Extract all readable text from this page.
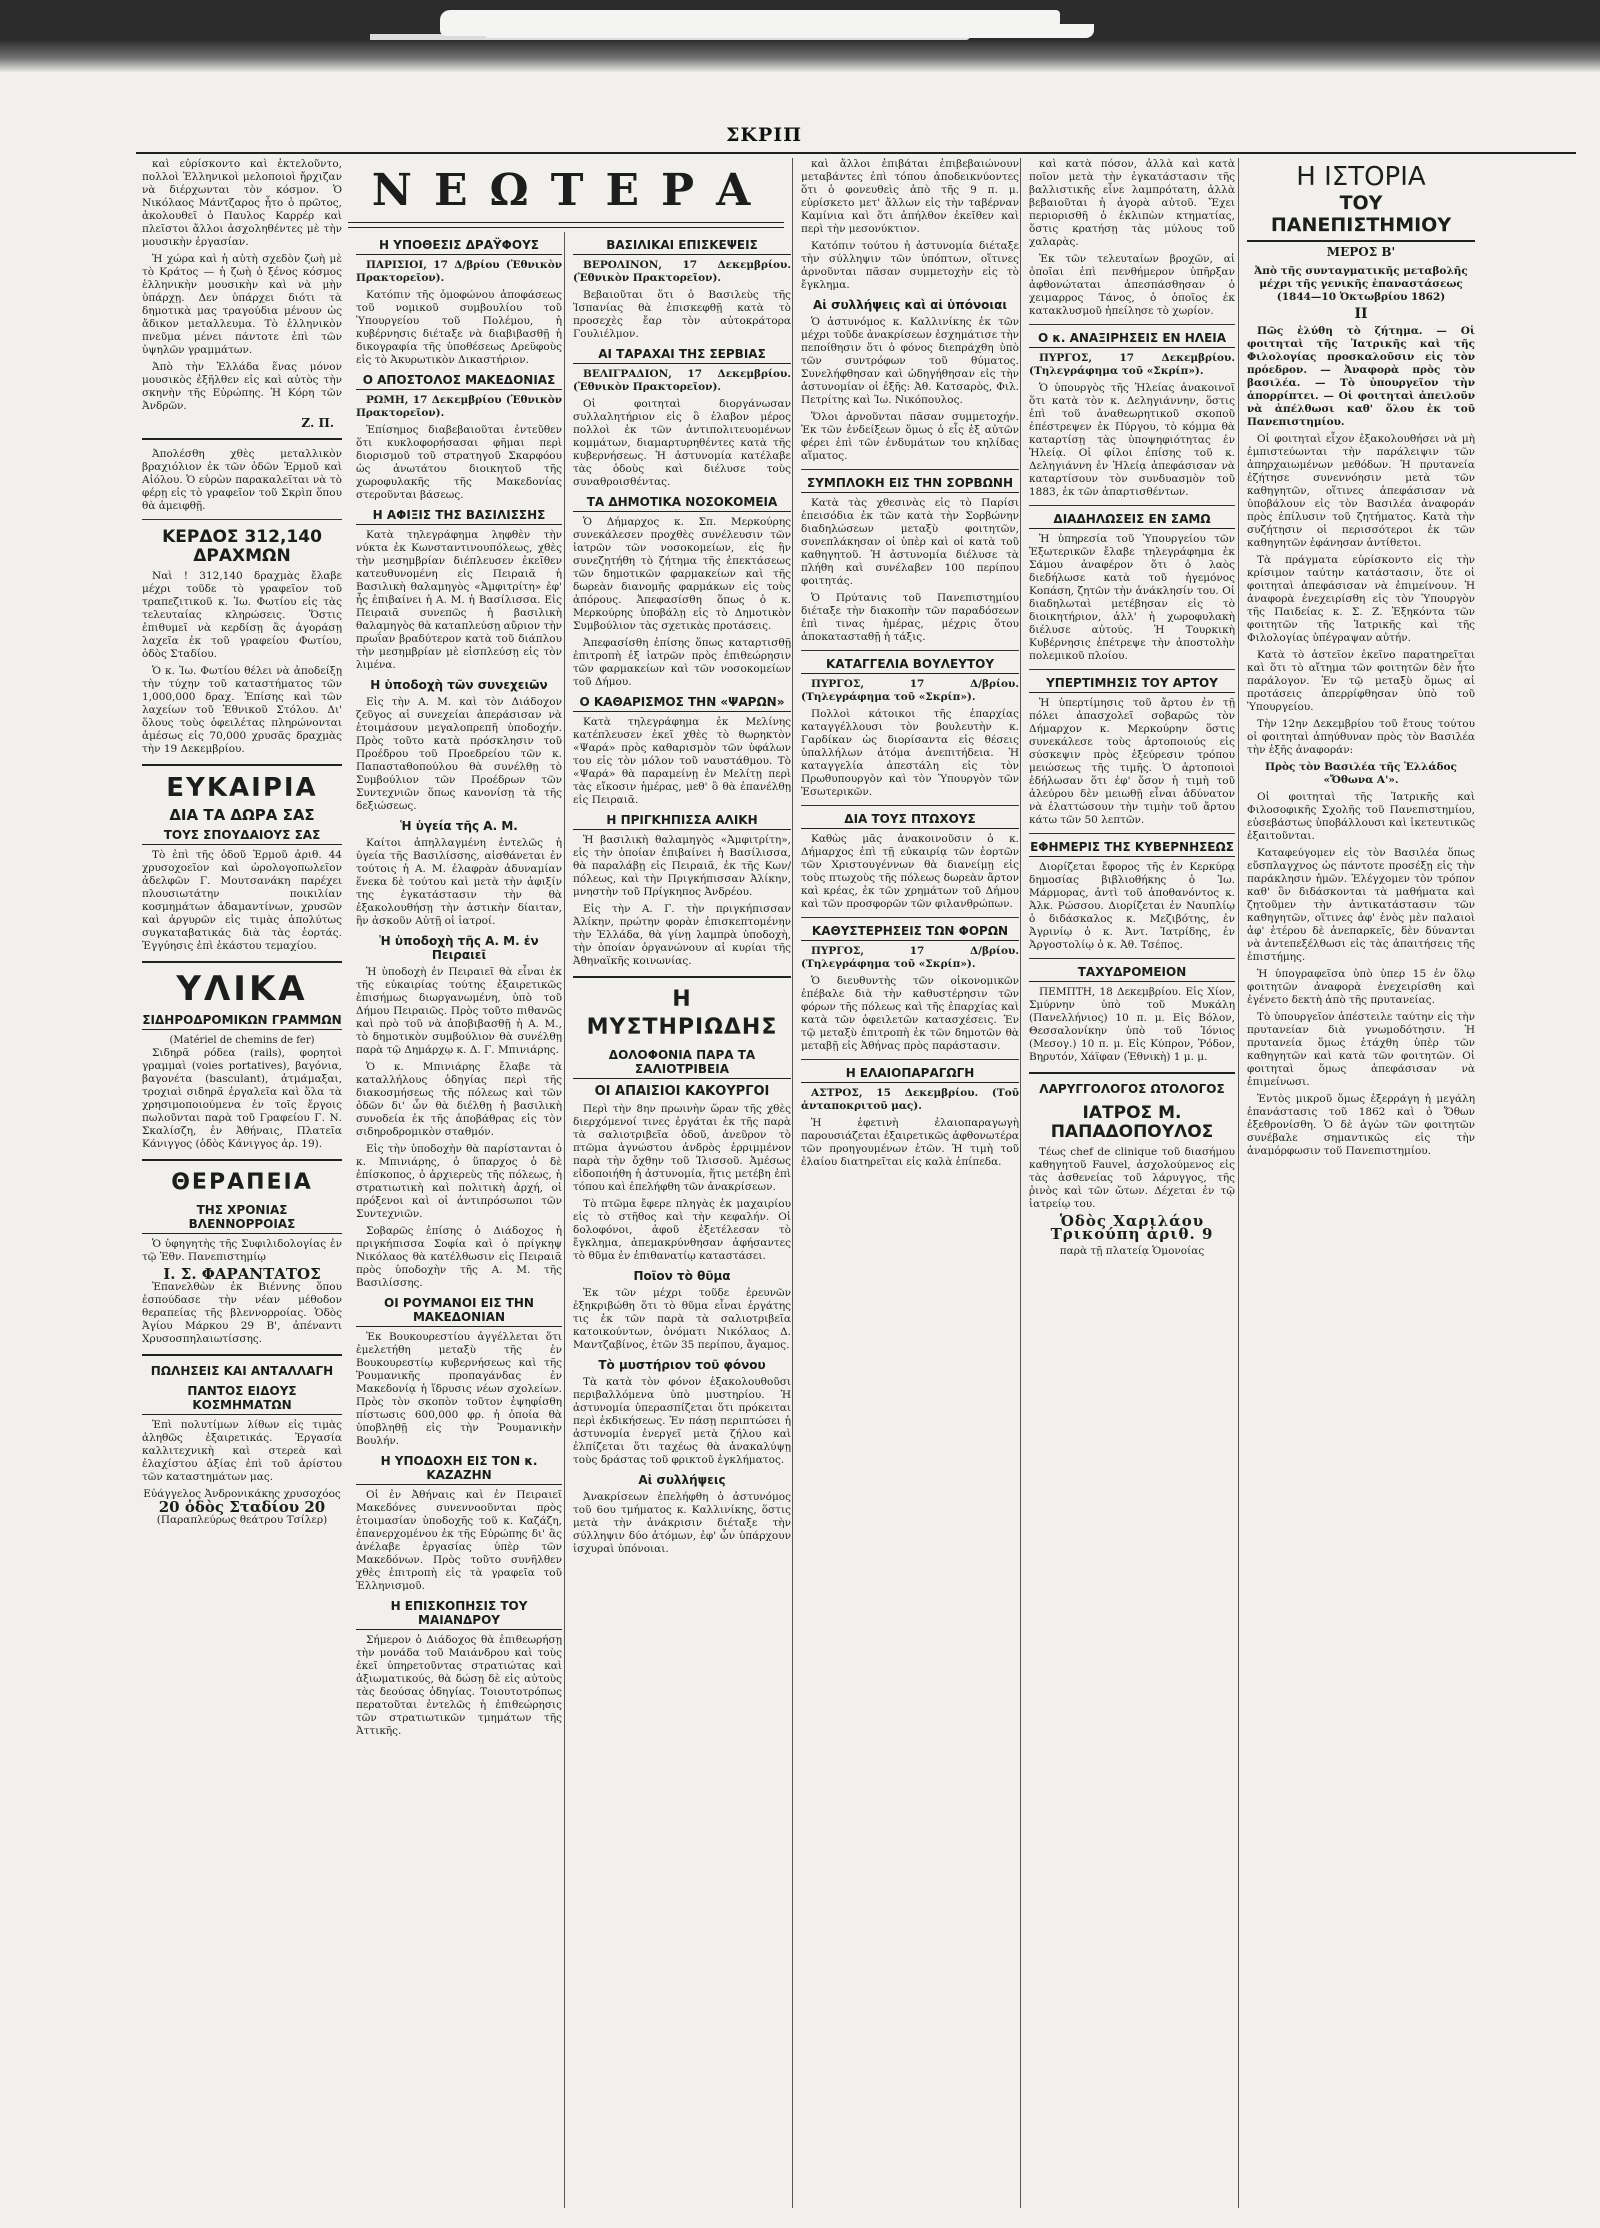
ΣΚΡΙΠ

καὶ εὐρίσκοντο καὶ ἐκτελοῦντο, πολλοὶ Ἑλληνικοὶ μελοποιοὶ ἤρχιζαν νὰ διέρχωνται τὸν κόσμον. Ὁ Νικόλαος Μάντζαρος ἦτο ὁ πρῶτος, ἀκολουθεῖ ὁ Παυλος Καρρέρ καὶ πλεῖστοι ἄλλοι ἀσχοληθέντες μὲ τὴν μουσικὴν ἐργασίαν.

Ἡ χώρα καὶ ἡ αὐτὴ σχεδὸν ζωὴ μὲ τὸ Κράτος — ἡ ζωὴ ὁ ξένος κόσμος ἑλληνικὴν μουσικὴν καὶ νὰ μὴν ὑπάρχῃ. Δεν ὑπάρχει διότι τὰ δημοτικὰ μας τραγούδια μένουν ὡς ἄδικον μεταλλευμα. Τὸ ἑλληνικὸν πνεῦμα μένει πάντοτε ἐπὶ τῶν ὑψηλῶν γραμμάτων.

Ἀπὸ τὴν Ἑλλάδα ἕνας μόνον μουσικὸς ἐξῆλθεν εἰς καὶ αὐτὸς τὴν σκηνὴν τῆς Εὐρώπης. Ἡ Κόρη τῶν Ἀνδρῶν.

Ζ. Π.

Ἀπολέσθη χθὲς μεταλλικὸν βραχιόλιον ἐκ τῶν ὁδῶν Ἑρμοῦ καὶ Αἰόλου. Ὁ εὑρὼν παρακαλεῖται νὰ τὸ φέρῃ εἰς τὸ γραφεῖον τοῦ Σκρὶπ ὅπου θὰ ἀμειφθῇ.

ΚΕΡΔΟΣ 312,140 ΔΡΑΧΜΩΝ

Ναὶ ! 312,140 δραχμὰς ἔλαβε μέχρι τοῦδε τὸ γραφεῖον τοῦ τραπεζιτικοῦ κ. Ἰω. Φωτίου εἰς τὰς τελευταίας κληρώσεις. Ὅστις ἐπιθυμεῖ νὰ κερδίσῃ ἂς ἀγοράσῃ λαχεῖα ἐκ τοῦ γραφείου Φωτίου, ὁδὸς Σταδίου.

Ὁ κ. Ἰω. Φωτίου θέλει νὰ ἀποδείξῃ τὴν τύχην τοῦ καταστήματος τῶν 1,000,000 δραχ. Ἐπίσης καὶ τῶν λαχείων τοῦ Ἐθνικοῦ Στόλου. Δι' ὅλους τοὺς ὀφειλέτας πληρώνονται ἀμέσως εἰς 70,000 χρυσᾶς δραχμὰς τὴν 19 Δεκεμβρίου.

ΕΥΚΑΙΡΙΑ
ΔΙΑ ΤΑ ΔΩΡΑ ΣΑΣ
ΤΟΥΣ ΣΠΟΥΔΑΙΟΥΣ ΣΑΣ

Τὸ ἐπὶ τῆς ὁδοῦ Ἑρμοῦ ἀριθ. 44 χρυσοχοεῖον καὶ ὡρολογοπωλεῖον ἀδελφῶν Γ. Μουτσανάκη παρέχει πλουσιωτάτην ποικιλίαν κοσμημάτων ἀδαμαντίνων, χρυσῶν καὶ ἀργυρῶν εἰς τιμὰς ἀπολύτως συγκαταβατικάς διὰ τὰς ἑορτάς. Ἐγγύησις ἐπὶ ἑκάστου τεμαχίου.

ΥΛΙΚΑ
ΣΙΔΗΡΟΔΡΟΜΙΚΩΝ ΓΡΑΜΜΩΝ
(Matériel de chemins de fer)

Σιδηρᾶ ρόδεα (rails), φορητοὶ γραμμαὶ (voies portatives), βαγόνια, βαγονέτα (basculant), ἀτμάμαξαι, τροχιαὶ σιδηρᾶ ἐργαλεῖα καὶ ὅλα τὰ χρησιμοποιούμενα ἐν τοῖς ἔργοις πωλοῦνται παρὰ τοῦ Γραφείου Γ. Ν. Σκαλίσζη, ἐν Ἀθήναις, Πλατεῖα Κάνιγγος (ὁδὸς Κάνιγγος ἀρ. 19).

ΘΕΡΑΠΕΙΑ
ΤΗΣ ΧΡΟΝΙΑΣ ΒΛΕΝΝΟΡΡΟΙΑΣ

Ὁ ὑφηγητὴς τῆς Συφιλιδολογίας ἐν τῷ Ἐθν. Πανεπιστημίῳ

Ι. Σ. ΦΑΡΑΝΤΑΤΟΣ

Ἐπανελθὼν ἐκ Βιέννης ὅπου ἐσπούδασε τὴν νέαν μέθοδον θεραπείας τῆς βλεννορροίας. Ὁδὸς Ἀγίου Μάρκου 29 Β', ἀπέναντι Χρυσοσπηλαιωτίσσης.

ΠΩΛΗΣΕΙΣ ΚΑΙ ΑΝΤΑΛΛΑΓΗ
ΠΑΝΤΟΣ ΕΙΔΟΥΣ ΚΟΣΜΗΜΑΤΩΝ

Ἐπὶ πολυτίμων λίθων εἰς τιμὰς ἀληθῶς ἐξαιρετικάς. Ἐργασία καλλιτεχνικὴ καὶ στερεὰ καὶ ἐλαχίστου ἀξίας ἐπὶ τοῦ ἀρίστου τῶν καταστημάτων μας.

Εὐάγγελος Ἀνδρονικάκης χρυσοχόος
20 ὁδὸς Σταδίου 20
(Παραπλεύρως θεάτρου Τσίλερ)
ΝΕΩΤΕΡΑ
Η ΥΠΟΘΕΣΙΣ ΔΡΑΫΦΟΥΣ

ΠΑΡΙΣΙΟΙ, 17 Δ/βρίου (Ἐθνικὸν Πρακτορεῖον).

Κατόπιν τῆς ὁμοφώνου ἀποφάσεως τοῦ νομικοῦ συμβουλίου τοῦ Ὑπουργείου τοῦ Πολέμου, ἡ κυβέρνησις διέταξε νὰ διαβιβασθῇ ἡ δικογραφία τῆς ὑποθέσεως Δρεϋφοὺς εἰς τὸ Ἀκυρωτικὸν Δικαστήριον.

Ο ΑΠΟΣΤΟΛΟΣ ΜΑΚΕΔΟΝΙΑΣ

ΡΩΜΗ, 17 Δεκεμβρίου (Ἐθνικὸν Πρακτορεῖον).

Ἐπίσημος διαβεβαιοῦται ἐντεῦθεν ὅτι κυκλοφορήσασαι φῆμαι περὶ διορισμοῦ τοῦ στρατηγοῦ Σκαρφόου ὡς ἀνωτάτου διοικητοῦ τῆς χωροφυλακῆς τῆς Μακεδονίας στεροῦνται βάσεως.

Η ΑΦΙΞΙΣ ΤΗΣ ΒΑΣΙΛΙΣΣΗΣ

Κατὰ τηλεγράφημα ληφθὲν τὴν νύκτα ἐκ Κωνσταντινουπόλεως, χθὲς τὴν μεσημβρίαν διέπλευσεν ἐκεῖθεν κατευθυνομένη εἰς Πειραιᾶ ἡ Βασιλικὴ θαλαμηγὸς «Ἀμφιτρίτη» ἐφ' ἧς ἐπιβαίνει ἡ Α. Μ. ἡ Βασίλισσα. Εἰς Πειραιᾶ συνεπῶς ἡ βασιλικὴ θαλαμηγὸς θὰ καταπλεύσῃ αὔριον τὴν πρωΐαν βραδύτερον κατὰ τοῦ διάπλου τὴν μεσημβρίαν μὲ εἰσπλεύσῃ εἰς τὸν λιμένα.

Η ὑποδοχὴ τῶν συνεχειῶν

Εἰς τὴν Α. Μ. καὶ τὸν Διάδοχον ζεῦγος αἱ συνεχείαι ἀπεράσισαν νὰ ἑτοιμάσουν μεγαλοπρεπῆ ὑποδοχήν. Πρὸς τοῦτο κατὰ πρόσκλησιν τοῦ Προέδρου τοῦ Προεδρείου τῶν κ. Παπασταθοπούλου θὰ συνέλθῃ τὸ Συμβούλιον τῶν Προέδρων τῶν Συντεχνιῶν ὅπως κανονίσῃ τὰ τῆς δεξιώσεως.

Ἡ ὑγεία τῆς Α. Μ.

Καίτοι ἀπηλλαγμένη ἐντελῶς ἡ ὑγεία τῆς Βασιλίσσης, αἰσθάνεται ἐν τούτοις ἡ Α. Μ. ἐλαφρὰν ἀδυναμίαν ἕνεκα δὲ τούτου καὶ μετὰ τὴν ἀφιξίν της ἐγκατάστασιν τὴν θὰ ἐξακολουθήσῃ τὴν ἀστικὴν δίαιταν, ἣν ἀσκοῦν Αὐτῇ οἱ ἰατροί.

Ἡ ὑποδοχὴ τῆς Α. Μ. ἐν Πειραιεῖ

Ἡ ὑποδοχὴ ἐν Πειραιεῖ θὰ εἶναι ἐκ τῆς εὐκαιρίας τούτης ἐξαιρετικῶς ἐπισήμως διωργανωμένη, ὑπὸ τοῦ Δήμου Πειραιῶς. Πρὸς τοῦτο πιθανῶς καὶ πρὸ τοῦ νὰ ἀποβιβασθῇ ἡ Α. Μ., τὸ δημοτικὸν συμβούλιον θὰ συνέλθῃ παρὰ τῷ Δημάρχῳ κ. Δ. Γ. Μπινιάρης.

Ὁ κ. Μπινιάρης ἔλαβε τὰ καταλλήλους ὁδηγίας περὶ τῆς διακοσμήσεως τῆς πόλεως καὶ τῶν ὁδῶν δι' ὧν θὰ διέλθῃ ἡ βασιλικὴ συνοδεία ἐκ τῆς ἀποβάθρας εἰς τὸν σιδηροδρομικὸν σταθμόν.

Εἰς τὴν ὑποδοχὴν θὰ παρίστανται ὁ κ. Μπινιάρης, ὁ ὕπαρχος ὁ δὲ ἐπίσκοπος, ὁ ἀρχιερεὺς τῆς πόλεως, ἡ στρατιωτικὴ καὶ πολιτικὴ ἀρχή, οἱ πρόξενοι καὶ οἱ ἀντιπρόσωποι τῶν Συντεχνιῶν.

Σοβαρῶς ἐπίσης ὁ Διάδοχος ἡ πριγκήπισσα Σοφία καὶ ὁ πρίγκηψ Νικόλαος θὰ κατέλθωσιν εἰς Πειραιᾶ πρὸς ὑποδοχὴν τῆς Α. Μ. τῆς Βασιλίσσης.

ΟΙ ΡΟΥΜΑΝΟΙ ΕΙΣ ΤΗΝ ΜΑΚΕΔΟΝΙΑΝ

Ἐκ Βουκουρεστίου ἀγγέλλεται ὅτι ἐμελετήθη μεταξὺ τῆς ἐν Βουκουρεστίῳ κυβερνήσεως καὶ τῆς Ῥουμανικῆς προπαγάνδας ἐν Μακεδονίᾳ ἡ ἵδρυσις νέων σχολείων. Πρὸς τὸν σκοπὸν τοῦτον ἐψηφίσθη πίστωσις 600,000 φρ. ἡ ὁποία θὰ ὑποβληθῇ εἰς τὴν Ῥουμανικὴν Βουλήν.

Η ΥΠΟΔΟΧΗ ΕΙΣ ΤΟΝ κ. ΚΑΖΑΖΗΝ

Οἱ ἐν Ἀθήναις καὶ ἐν Πειραιεῖ Μακεδόνες συνεννοοῦνται πρὸς ἑτοιμασίαν ὑποδοχῆς τοῦ κ. Καζάζη, ἐπανερχομένου ἐκ τῆς Εὐρώπης δι' ἃς ἀνέλαβε ἐργασίας ὑπὲρ τῶν Μακεδόνων. Πρὸς τοῦτο συνῆλθεν χθὲς ἐπιτροπὴ εἰς τὰ γραφεῖα τοῦ Ἑλληνισμοῦ.

Η ΕΠΙΣΚΟΠΗΣΙΣ ΤΟΥ ΜΑΙΑΝΔΡΟΥ

Σήμερον ὁ Διάδοχος θὰ ἐπιθεωρήσῃ τὴν μονάδα τοῦ Μαιάνδρου καὶ τοὺς ἐκεῖ ὑπηρετοῦντας στρατιώτας καὶ ἀξιωματικούς, θὰ δώσῃ δὲ εἰς αὐτοὺς τὰς δεούσας ὁδηγίας. Τοιουτοτρόπως περατοῦται ἐντελῶς ἡ ἐπιθεώρησις τῶν στρατιωτικῶν τμημάτων τῆς Ἀττικῆς.

ΒΑΣΙΛΙΚΑΙ ΕΠΙΣΚΕΨΕΙΣ

ΒΕΡΟΛΙΝΟΝ, 17 Δεκεμβρίου. (Ἐθνικὸν Πρακτορεῖον).

Βεβαιοῦται ὅτι ὁ Βασιλεὺς τῆς Ἰσπανίας θὰ ἐπισκεφθῇ κατὰ τὸ προσεχὲς ἔαρ τὸν αὐτοκράτορα Γουλιέλμον.

ΑΙ ΤΑΡΑΧΑΙ ΤΗΣ ΣΕΡΒΙΑΣ

ΒΕΛΙΓΡΑΔΙΟΝ, 17 Δεκεμβρίου. (Ἐθνικὸν Πρακτορεῖον).

Οἱ φοιτηταὶ διοργάνωσαν συλλαλητήριον εἰς ὃ ἐλαβον μέρος πολλοὶ ἐκ τῶν ἀντιπολιτευομένων κομμάτων, διαμαρτυρηθέντες κατὰ τῆς κυβερνήσεως. Ἡ ἀστυνομία κατέλαβε τὰς ὁδοὺς καὶ διέλυσε τοὺς συναθροισθέντας.

ΤΑ ΔΗΜΟΤΙΚΑ ΝΟΣΟΚΟΜΕΙΑ

Ὁ Δήμαρχος κ. Σπ. Μερκούρης συνεκάλεσεν προχθὲς συνέλευσιν τῶν ἰατρῶν τῶν νοσοκομείων, εἰς ἣν συνεζητήθη τὸ ζήτημα τῆς ἐπεκτάσεως τῶν δημοτικῶν φαρμακείων καὶ τῆς δωρεὰν διανομῆς φαρμάκων εἰς τοὺς ἀπόρους. Ἀπεφασίσθη ὅπως ὁ κ. Μερκούρης ὑποβάλῃ εἰς τὸ Δημοτικὸν Συμβούλιον τὰς σχετικὰς προτάσεις.

Ἀπεφασίσθη ἐπίσης ὅπως καταρτισθῇ ἐπιτροπὴ ἐξ ἰατρῶν πρὸς ἐπιθεώρησιν τῶν φαρμακείων καὶ τῶν νοσοκομείων τοῦ Δήμου.

Ο ΚΑΘΑΡΙΣΜΟΣ ΤΗΝ «ΨΑΡΩΝ»

Κατὰ τηλεγράφημα ἐκ Μελίνης κατέπλευσεν ἐκεῖ χθὲς τὸ θωρηκτὸν «Ψαρά» πρὸς καθαρισμὸν τῶν ὑφάλων του εἰς τὸν μόλον τοῦ ναυστάθμου. Τὸ «Ψαρά» θὰ παραμείνῃ ἐν Μελίτῃ περὶ τὰς εἴκοσιν ἡμέρας, μεθ' ὃ θὰ ἐπανέλθῃ εἰς Πειραιᾶ.

Η ΠΡΙΓΚΗΠΙΣΣΑ ΑΛΙΚΗ

Ἡ βασιλικὴ θαλαμηγὸς «Ἀμφιτρίτη», εἰς τὴν ὁποίαν ἐπιβαίνει ἡ Βασίλισσα, θὰ παραλάβῃ εἰς Πειραιᾶ, ἐκ τῆς Κων/πόλεως, καὶ τὴν Πριγκήπισσαν Ἀλίκην, μνηστὴν τοῦ Πρίγκηπος Ἀνδρέου.

Εἰς τὴν Α. Γ. τὴν πριγκήπισσαν Ἀλίκην, πρώτην φορὰν ἐπισκεπτομένην τὴν Ἑλλάδα, θὰ γίνῃ λαμπρὰ ὑποδοχὴ, τὴν ὁποίαν ὀργανώνουν αἱ κυρίαι τῆς Ἀθηναϊκῆς κοινωνίας.

Η ΜΥΣΤΗΡΙΩΔΗΣ
ΔΟΛΟΦΟΝΙΑ ΠΑΡΑ ΤΑ ΣΑΛΙΟΤΡΙΒΕΙΑ
ΟΙ ΑΠΑΙΣΙΟΙ ΚΑΚΟΥΡΓΟΙ

Περὶ τὴν 8ην πρωινὴν ὥραν τῆς χθὲς διερχόμενοί τινες ἐργάται ἐκ τῆς παρὰ τὰ σαλιοτριβεῖα ὁδοῦ, ἀνεῦρον τὸ πτῶμα ἀγνώστου ἀνδρὸς ἐρριμμένον παρὰ τὴν ὄχθην τοῦ Ἰλισσοῦ. Ἀμέσως εἰδοποιήθη ἡ ἀστυνομία, ἥτις μετέβη ἐπὶ τόπου καὶ ἐπελήφθη τῶν ἀνακρίσεων.

Τὸ πτῶμα ἔφερε πληγὰς ἐκ μαχαιρίου εἰς τὸ στῆθος καὶ τὴν κεφαλήν. Οἱ δολοφόνοι, ἀφοῦ ἐξετέλεσαν τὸ ἔγκλημα, ἀπεμακρύνθησαν ἀφήσαντες τὸ θῦμα ἐν ἐπιθανατίῳ καταστάσει.

Ποῖον τὸ θῦμα

Ἐκ τῶν μέχρι τοῦδε ἐρευνῶν ἐξηκριβώθη ὅτι τὸ θῦμα εἶναι ἐργάτης τις ἐκ τῶν παρὰ τὰ σαλιοτριβεῖα κατοικούντων, ὀνόματι Νικόλαος Δ. Μαντζαβίνος, ἐτῶν 35 περίπου, ἄγαμος.

Τὸ μυστήριον τοῦ φόνου

Τὰ κατὰ τὸν φόνον ἐξακολουθοῦσι περιβαλλόμενα ὑπὸ μυστηρίου. Ἡ ἀστυνομία ὑπερασπίζεται ὅτι πρόκειται περὶ ἐκδικήσεως. Ἐν πάσῃ περιπτώσει ἡ ἀστυνομία ἐνεργεῖ μετὰ ζήλου καὶ ἐλπίζεται ὅτι ταχέως θὰ ἀνακαλύψῃ τοὺς δράστας τοῦ φρικτοῦ ἐγκλήματος.

Αἱ συλλήψεις

Ἀνακρίσεων ἐπελήφθη ὁ ἀστυνόμος τοῦ 6ου τμήματος κ. Καλλινίκης, ὅστις μετὰ τὴν ἀνάκρισιν διέταξε τὴν σύλληψιν δύο ἀτόμων, ἐφ' ὧν ὑπάρχουν ἰσχυραὶ ὑπόνοιαι.

καὶ ἄλλοι ἐπιβάται ἐπιβεβαιώνουν μεταβάντες ἐπὶ τόπου ἀποδεικνύοντες ὅτι ὁ φονευθεὶς ἀπὸ τῆς 9 π. μ. εὑρίσκετο μετ' ἄλλων εἰς τὴν ταβέρναν Καμίνια καὶ ὅτι ἀπήλθον ἐκεῖθεν καὶ περὶ τὴν μεσονύκτιον.

Κατόπιν τούτου ἡ ἀστυνομία διέταξε τὴν σύλληψιν τῶν ὑπόπτων, οἵτινες ἀρνοῦνται πᾶσαν συμμετοχὴν εἰς τὸ ἔγκλημα.

Αἱ συλλήψεις καὶ αἱ ὑπόνοιαι

Ὁ ἀστυνόμος κ. Καλλινίκης ἐκ τῶν μέχρι τοῦδε ἀνακρίσεων ἐσχημάτισε τὴν πεποίθησιν ὅτι ὁ φόνος διεπράχθη ὑπὸ τῶν συντρόφων τοῦ θύματος. Συνελήφθησαν καὶ ὡδηγήθησαν εἰς τὴν ἀστυνομίαν οἱ ἐξῆς: Ἀθ. Κατσαρὸς, Φιλ. Πετρίτης καὶ Ἰω. Νικόπουλος.

Ὅλοι ἀρνοῦνται πᾶσαν συμμετοχήν. Ἐκ τῶν ἐνδείξεων ὅμως ὁ εἷς ἐξ αὐτῶν φέρει ἐπὶ τῶν ἐνδυμάτων του κηλίδας αἵματος.

ΣΥΜΠΛΟΚΗ ΕΙΣ ΤΗΝ ΣΟΡΒΩΝΗ

Κατὰ τὰς χθεσινὰς εἰς τὸ Παρίσι ἐπεισόδια ἐκ τῶν κατὰ τὴν Σορβώνην διαδηλώσεων μεταξὺ φοιτητῶν, συνεπλάκησαν οἱ ὑπὲρ καὶ οἱ κατὰ τοῦ καθηγητοῦ. Ἡ ἀστυνομία διέλυσε τὰ πλήθη καὶ συνέλαβεν 100 περίπου φοιτητάς.

Ὁ Πρύτανις τοῦ Πανεπιστημίου διέταξε τὴν διακοπὴν τῶν παραδόσεων ἐπὶ τινας ἡμέρας, μέχρις ὅτου ἀποκατασταθῇ ἡ τάξις.

ΚΑΤΑΓΓΕΛΙΑ ΒΟΥΛΕΥΤΟΥ

ΠΥΡΓΟΣ, 17 Δ/βρίου. (Τηλεγράφημα τοῦ «Σκρίπ»).

Πολλοὶ κάτοικοι τῆς ἐπαρχίας καταγγέλλουσι τὸν βουλευτὴν κ. Γαρδίκαν ὡς διορίσαντα εἰς θέσεις ὑπαλλήλων ἀτόμα ἀνεπιτήδεια. Ἡ καταγγελία ἀπεστάλη εἰς τὸν Πρωθυπουργὸν καὶ τὸν Ὑπουργὸν τῶν Ἐσωτερικῶν.

ΔΙΑ ΤΟΥΣ ΠΤΩΧΟΥΣ

Καθὼς μᾶς ἀνακοινοῦσιν ὁ κ. Δήμαρχος ἐπὶ τῇ εὐκαιρίᾳ τῶν ἑορτῶν τῶν Χριστουγέννων θὰ διανείμῃ εἰς τοὺς πτωχοὺς τῆς πόλεως δωρεὰν ἄρτον καὶ κρέας, ἐκ τῶν χρημάτων τοῦ Δήμου καὶ τῶν προσφορῶν τῶν φιλανθρώπων.

ΚΑΘΥΣΤΕΡΗΣΕΙΣ ΤΩΝ ΦΟΡΩΝ

ΠΥΡΓΟΣ, 17 Δ/βρίου. (Τηλεγράφημα τοῦ «Σκρίπ»).

Ὁ διευθυντὴς τῶν οἰκονομικῶν ἐπέβαλε διὰ τὴν καθυστέρησιν τῶν φόρων τῆς πόλεως καὶ τῆς ἐπαρχίας καὶ κατὰ τῶν ὀφειλετῶν κατασχέσεις. Ἐν τῷ μεταξὺ ἐπιτροπὴ ἐκ τῶν δημοτῶν θὰ μεταβῇ εἰς Ἀθήνας πρὸς παράστασιν.

Η ΕΛΑΙΟΠΑΡΑΓΩΓΗ

ΑΣΤΡΟΣ, 15 Δεκεμβρίου. (Τοῦ ἀνταποκριτοῦ μας).

Ἡ ἐφετινὴ ἐλαιοπαραγωγὴ παρουσιάζεται ἐξαιρετικῶς ἀφθονωτέρα τῶν προηγουμένων ἐτῶν. Ἡ τιμὴ τοῦ ἐλαίου διατηρεῖται εἰς καλὰ ἐπίπεδα.

καὶ κατὰ πόσον, ἀλλὰ καὶ κατὰ ποῖον μετὰ τὴν ἐγκατάστασιν τῆς βαλλιστικῆς εἶνε λαμπρότατη, ἀλλὰ βεβαιοῦται ἡ ἀγορὰ αὐτοῦ. Ἔχει περιορισθῆ ὁ ἐκλιπὼν κτηματίας, ὅστις κρατήσῃ τὰς μύλους τοῦ χαλαρὰς.

Ἐκ τῶν τελευταίων βροχῶν, αἱ ὁποῖαι ἐπὶ πενθήμερον ὑπῆρξαν ἀφθονώταται ἀπεσπάσθησαν ὁ χειμαρρος Τάνος, ὁ ὁποῖος ἐκ κατακλυσμοῦ ἠπείλησε τὸ χωρίον.

Ο κ. ΑΝΑΞΙΡΗΣΕΙΣ ΕΝ ΗΛΕΙΑ

ΠΥΡΓΟΣ, 17 Δεκεμβρίου. (Τηλεγράφημα τοῦ «Σκρίπ»).

Ὁ ὑπουργὸς τῆς Ἠλείας ἀνακοινοῖ ὅτι κατὰ τὸν κ. Δεληγιάννην, ὅστις ἐπὶ τοῦ ἀναθεωρητικοῦ σκοποῦ ἐπέστρεψεν ἐκ Πύργου, τὸ κόμμα θὰ καταρτίσῃ τὰς ὑποψηφιότητας ἐν Ἠλείᾳ. Οἱ φίλοι ἐπίσης τοῦ κ. Δεληγιάννη ἐν Ἠλείᾳ ἀπεφάσισαν νὰ καταρτίσουν τὸν συνδυασμὸν τοῦ 1883, ἐκ τῶν ἀπαρτισθέντων.

ΔΙΑΔΗΛΩΣΕΙΣ ΕΝ ΣΑΜΩ

Ἡ ὑπηρεσία τοῦ Ὑπουργείου τῶν Ἐξωτερικῶν ἔλαβε τηλεγράφημα ἐκ Σάμου ἀναφέρον ὅτι ὁ λαὸς διεδήλωσε κατὰ τοῦ ἡγεμόνος Κοπάση, ζητῶν τὴν ἀνάκλησίν του. Οἱ διαδηλωταὶ μετέβησαν εἰς τὸ διοικητήριον, ἀλλ' ἡ χωροφυλακὴ διέλυσε αὐτούς. Ἡ Τουρκικὴ Κυβέρνησις ἐπέτρεψε τὴν ἀποστολὴν πολεμικοῦ πλοίου.

ΥΠΕΡΤΙΜΗΣΙΣ ΤΟΥ ΑΡΤΟΥ

Ἡ ὑπερτίμησις τοῦ ἄρτου ἐν τῇ πόλει ἀπασχολεῖ σοβαρῶς τὸν Δήμαρχον κ. Μερκούρην ὅστις συνεκάλεσε τοὺς ἀρτοποιούς εἰς σύσκεψιν πρὸς ἐξεύρεσιν τρόπου μειώσεως τῆς τιμῆς. Ὁ ἀρτοποιοὶ ἐδήλωσαν ὅτι ἐφ' ὅσον ἡ τιμὴ τοῦ ἀλεύρου δὲν μειωθῇ εἶναι ἀδύνατον νὰ ἐλαττώσουν τὴν τιμὴν τοῦ ἄρτου κάτω τῶν 50 λεπτῶν.

ΕΦΗΜΕΡΙΣ ΤΗΣ ΚΥΒΕΡΝΗΣΕΩΣ

Διορίζεται ἔφορος τῆς ἐν Κερκύρᾳ δημοσίας βιβλιοθήκης ὁ Ἰω. Μάρμορας, ἀντὶ τοῦ ἀποθανόντος κ. Ἀλκ. Ρώσσου. Διορίζεται ἐν Ναυπλίῳ ὁ διδάσκαλος κ. Μεζιβότης, ἐν Ἀγρινίῳ ὁ κ. Ἀντ. Ἰατρίδης, ἐν Ἀργοστολίῳ ὁ κ. Ἀθ. Τσέπος.

ΤΑΧΥΔΡΟΜΕΙΟΝ

ΠΕΜΠΤΗ, 18 Δεκεμβρίου. Εἰς Χίον, Σμύρνην ὑπὸ τοῦ Μυκάλη (Πανελλήνιος) 10 π. μ. Εἰς Βόλον, Θεσσαλονίκην ὑπὸ τοῦ Ἰόνιος (Μεσογ.) 10 π. μ. Εἰς Κύπρον, Ῥόδον, Βηρυτόν, Χάϊφαν (Ἐθνικὴ) 1 μ. μ.

ΛΑΡΥΓΓΟΛΟΓΟΣ ΩΤΟΛΟΓΟΣ
ΙΑΤΡΟΣ Μ. ΠΑΠΑΔΟΠΟΥΛΟΣ

Τέως chef de clinique τοῦ διασήμου καθηγητοῦ Fauvel, ἀσχολούμενος εἰς τὰς ἀσθενείας τοῦ λάρυγγος, τῆς ῥινὸς καὶ τῶν ὤτων. Δέχεται ἐν τῷ ἰατρείῳ του.

Ὁδὸς Χαριλάου Τρικούπη ἀριθ. 9
παρὰ τῇ πλατείᾳ Ὁμονοίας
Η ΙΣΤΟΡΙΑ
ΤΟΥ ΠΑΝΕΠΙΣΤΗΜΙΟΥ
ΜΕΡΟΣ Β'

Ἀπὸ τῆς συνταγματικῆς μεταβολῆς μέχρι τῆς γενικῆς ἐπαναστάσεως (1844—10 Ὀκτωβρίου 1862)

ΙΙ

Πῶς ἐλύθη τὸ ζήτημα. — Οἱ φοιτηταὶ τῆς Ἰατρικῆς καὶ τῆς Φιλολογίας προσκαλοῦσιν εἰς τὸν πρόεδρον. — Ἀναφορὰ πρὸς τὸν βασιλέα. — Τὸ ὑπουργεῖον τὴν ἀπορρίπτει. — Οἱ φοιτηταὶ ἀπειλοῦν νὰ ἀπέλθωσι καθ' ὅλου ἐκ τοῦ Πανεπιστημίου.

Οἱ φοιτηταὶ εἶχον ἐξακολουθήσει νὰ μὴ ἐμπιστεύωνται τὴν παράλειψιν τῶν ἀπηρχαιωμένων μεθόδων. Ἡ πρυτανεία ἐζήτησε συνεννόησιν μετὰ τῶν καθηγητῶν, οἵτινες ἀπεφάσισαν νὰ ὑποβάλουν εἰς τὸν Βασιλέα ἀναφοράν πρὸς ἐπίλυσιν τοῦ ζητήματος. Κατὰ τὴν συζήτησιν οἱ περισσότεροι ἐκ τῶν καθηγητῶν ἐφάνησαν ἀντίθετοι.

Τὰ πράγματα εὑρίσκοντο εἰς τὴν κρίσιμον ταύτην κατάστασιν, ὅτε οἱ φοιτηταὶ ἀπεφάσισαν νὰ ἐπιμείνουν. Ἡ ἀναφορὰ ἐνεχειρίσθη εἰς τὸν Ὑπουργὸν τῆς Παιδείας κ. Σ. Ζ. Ἑξηκόντα τῶν φοιτητῶν τῆς Ἰατρικῆς καὶ τῆς Φιλολογίας ὑπέγραψαν αὐτήν.

Κατὰ τὸ ἀστεῖον ἐκεῖνο παρατηρεῖται καὶ ὅτι τὸ αἴτημα τῶν φοιτητῶν δὲν ἦτο παράλογον. Ἐν τῷ μεταξὺ ὅμως αἱ προτάσεις ἀπερρίφθησαν ὑπὸ τοῦ Ὑπουργείου.

Τὴν 12ην Δεκεμβρίου τοῦ ἔτους τούτου οἱ φοιτηταὶ ἀπηύθυναν πρὸς τὸν Βασιλέα τὴν ἑξῆς ἀναφοράν:

Πρὸς τὸν Βασιλέα τῆς Ἑλλάδος «Ὄθωνα Α'».

Οἱ φοιτηταὶ τῆς Ἰατρικῆς καὶ Φιλοσοφικῆς Σχολῆς τοῦ Πανεπιστημίου, εὐσεβάστως ὑποβάλλουσι καὶ ἱκετευτικῶς ἐξαιτοῦνται.

Καταφεύγομεν εἰς τὸν Βασιλέα ὅπως εὔσπλαγχνος ὡς πάντοτε προσέξῃ εἰς τὴν παράκλησιν ἡμῶν. Ἐλέγχομεν τὸν τρόπον καθ' ὃν διδάσκονται τὰ μαθήματα καὶ ζητοῦμεν τὴν ἀντικατάστασιν τῶν καθηγητῶν, οἵτινες ἀφ' ἑνὸς μὲν παλαιοὶ ἀφ' ἑτέρου δὲ ἀνεπαρκεῖς, δὲν δύνανται νὰ ἀντεπεξέλθωσι εἰς τὰς ἀπαιτήσεις τῆς ἐπιστήμης.

Ἡ ὑπογραφεῖσα ὑπὸ ὑπερ 15 ἐν ὅλῳ φοιτητῶν ἀναφορὰ ἐνεχειρίσθη καὶ ἐγένετο δεκτὴ ἀπὸ τῆς πρυτανείας.

Τὸ ὑπουργεῖον ἀπέστειλε ταύτην εἰς τὴν πρυτανείαν διὰ γνωμοδότησιν. Ἡ πρυτανεία ὅμως ἐτάχθη ὑπὲρ τῶν καθηγητῶν καὶ κατὰ τῶν φοιτητῶν. Οἱ φοιτηταὶ ὅμως ἀπεφάσισαν νὰ ἐπιμείνωσι.

Ἐντὸς μικροῦ ὅμως ἐξερράγη ἡ μεγάλη ἐπανάστασις τοῦ 1862 καὶ ὁ Ὄθων ἐξεθρονίσθη. Ὁ δὲ ἀγὼν τῶν φοιτητῶν συνέβαλε σημαντικῶς εἰς τὴν ἀναμόρφωσιν τοῦ Πανεπιστημίου.
